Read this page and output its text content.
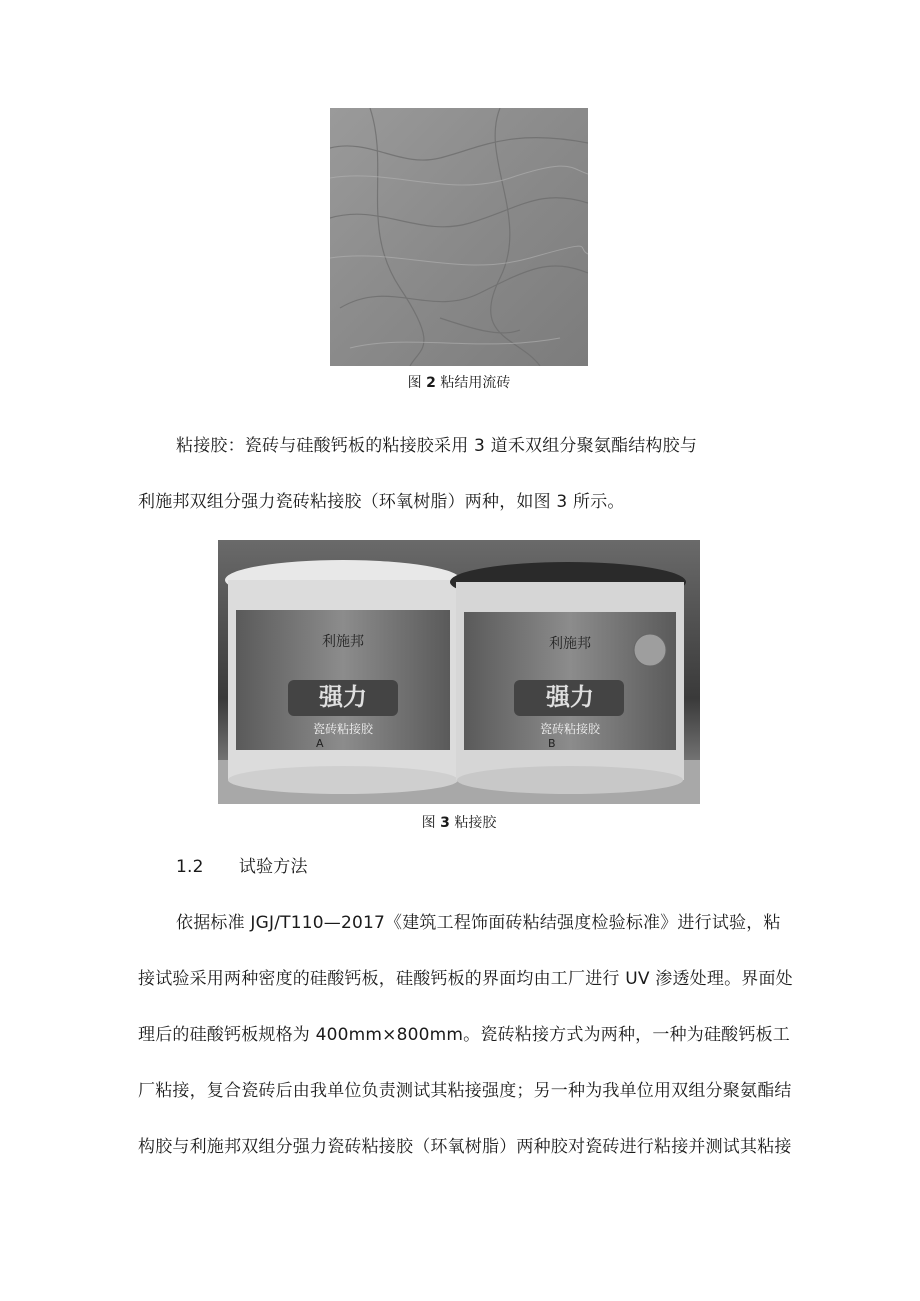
图 2 粘结用流砖
粘接胶：瓷砖与硅酸钙板的粘接胶采用 3 道禾双组分聚氨酯结构胶与
利施邦双组分强力瓷砖粘接胶（环氧树脂）两种，如图 3 所示。
利施邦
强力
瓷砖粘接胶
A
利施邦
强力
瓷砖粘接胶
B
图 3 粘接胶
1.2 试验方法
依据标准 JGJ/T110—2017《建筑工程饰面砖粘结强度检验标准》进行试验，粘
接试验采用两种密度的硅酸钙板，硅酸钙板的界面均由工厂进行 UV 渗透处理。界面处
理后的硅酸钙板规格为 400mm×800mm。瓷砖粘接方式为两种，一种为硅酸钙板工
厂粘接，复合瓷砖后由我单位负责测试其粘接强度；另一种为我单位用双组分聚氨酯结
构胶与利施邦双组分强力瓷砖粘接胶（环氧树脂）两种胶对瓷砖进行粘接并测试其粘接
